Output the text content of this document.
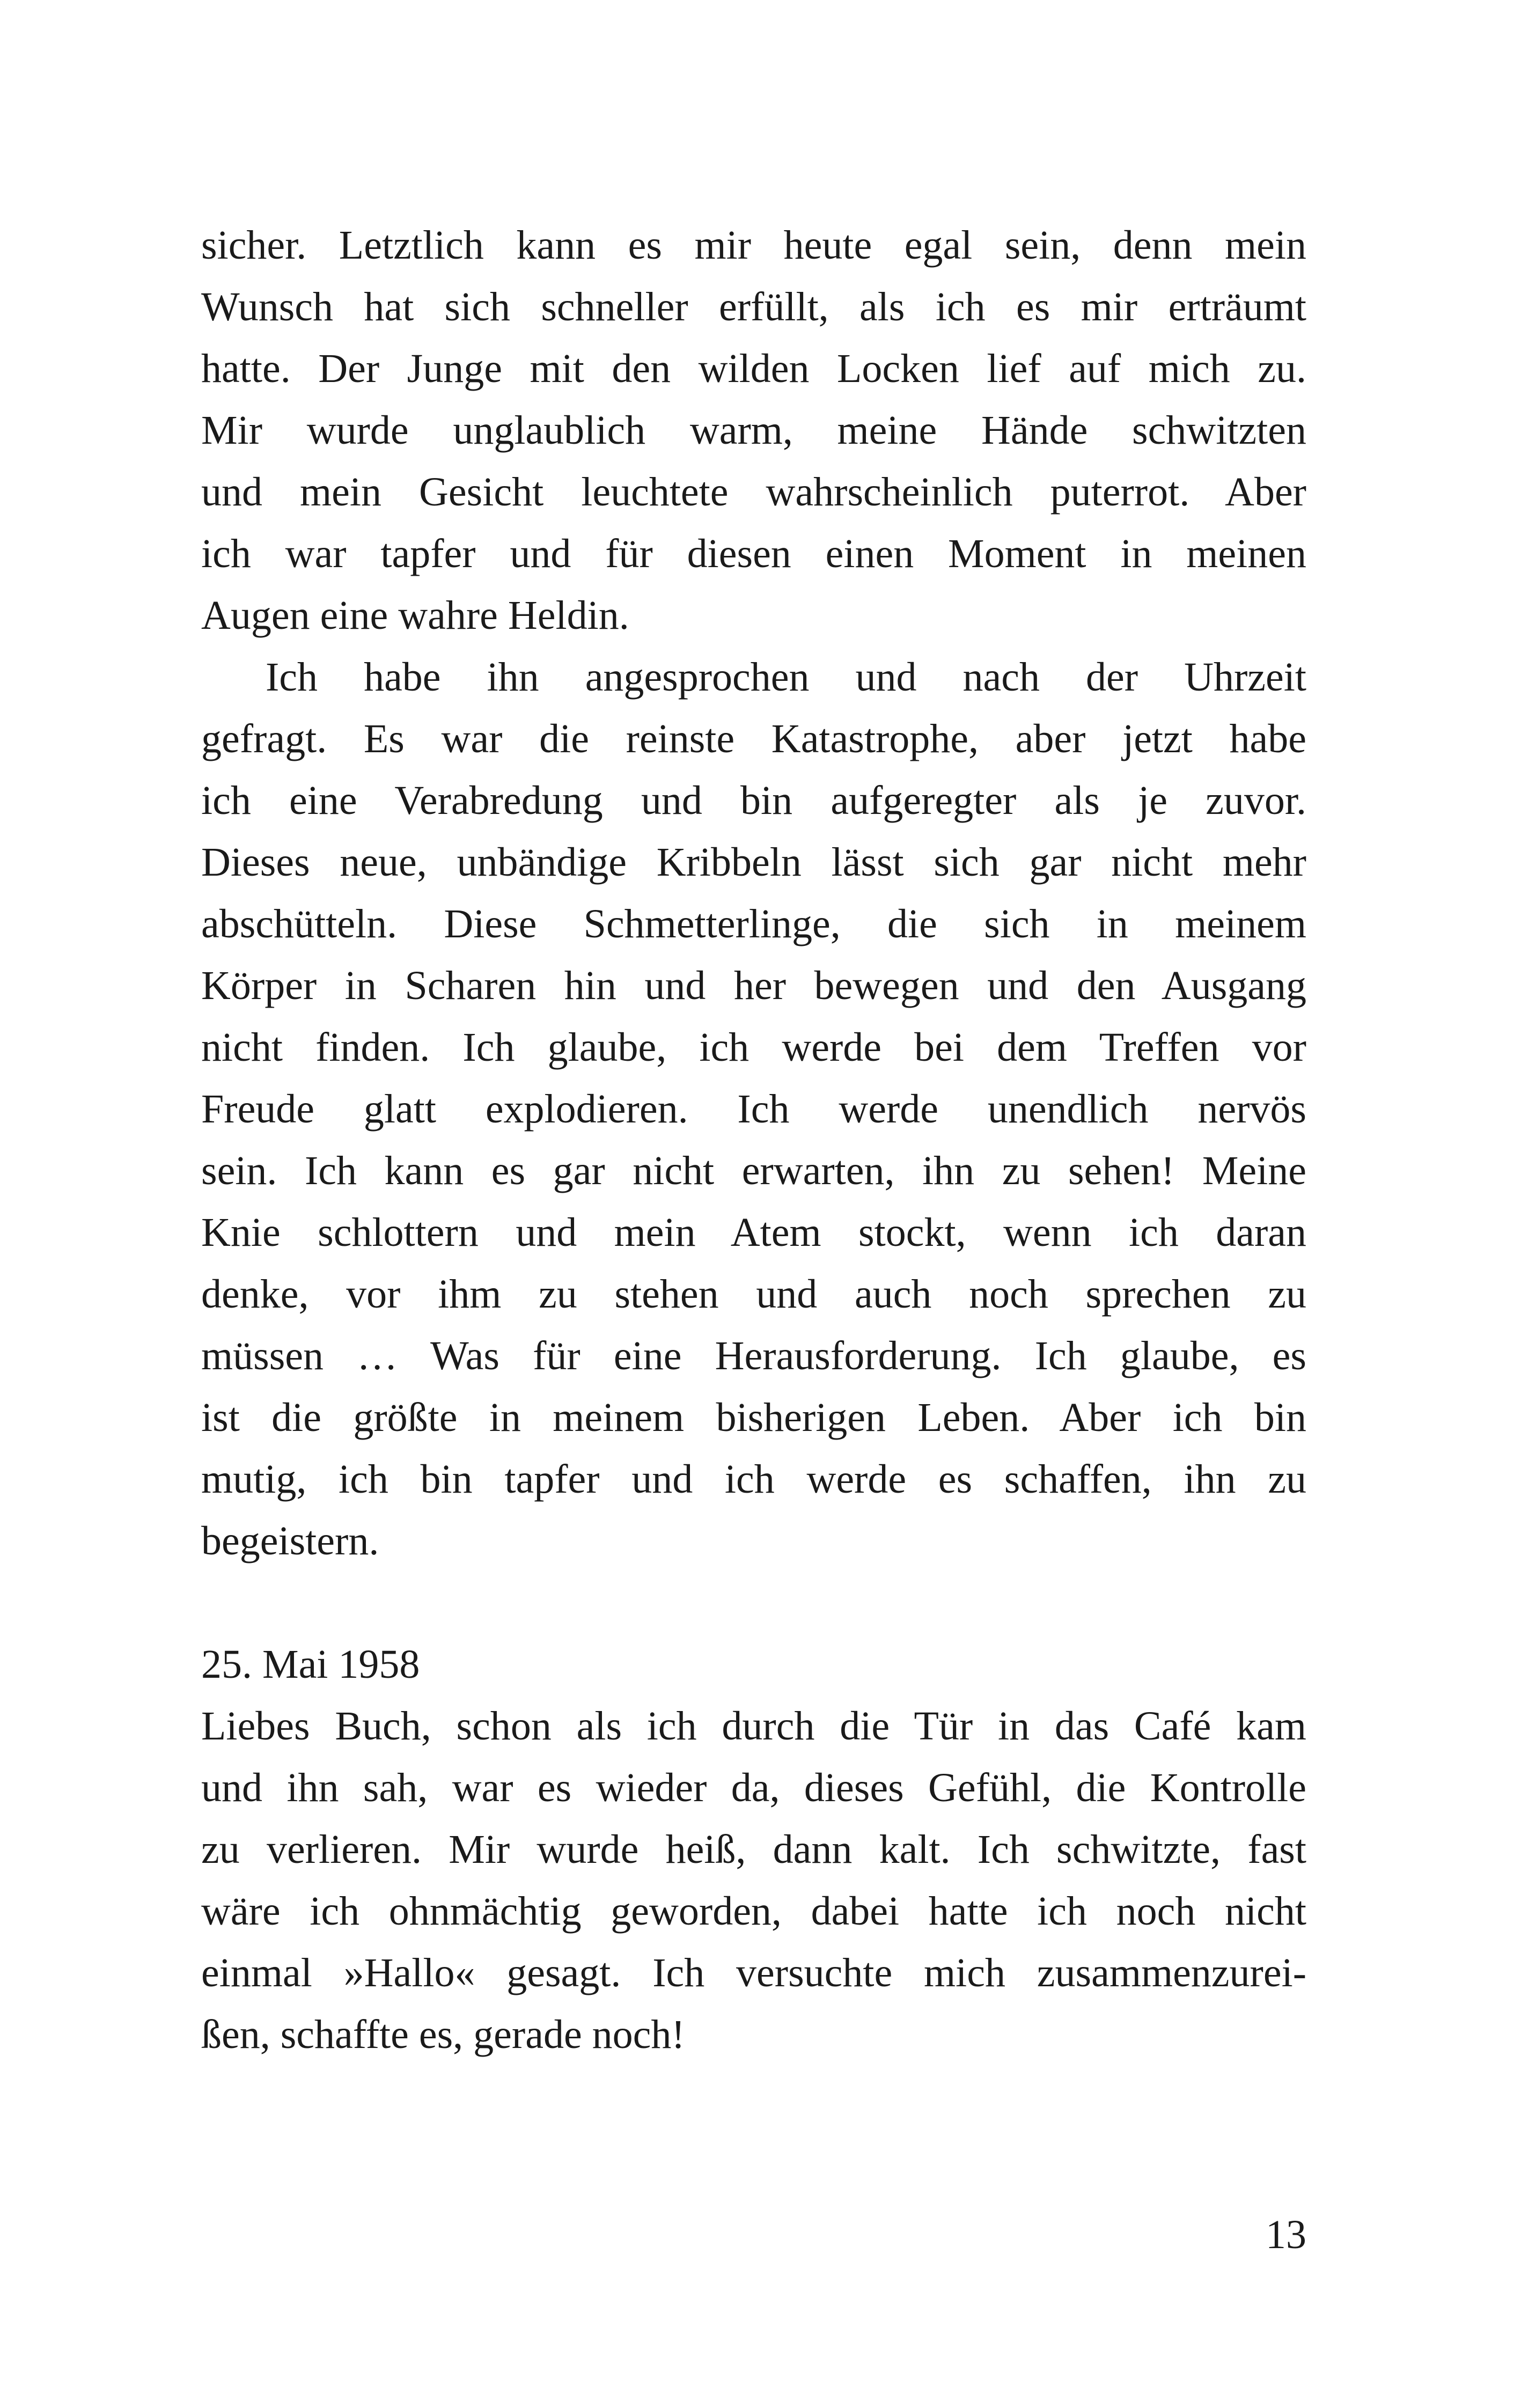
sicher. Letztlich kann es mir heute egal sein, denn mein
Wunsch hat sich schneller erfüllt, als ich es mir erträumt
hatte. Der Junge mit den wilden Locken lief auf mich zu.
Mir wurde unglaublich warm, meine Hände schwitzten
und mein Gesicht leuchtete wahrscheinlich puterrot. Aber
ich war tapfer und für diesen einen Moment in meinen
Augen eine wahre Heldin.
Ich habe ihn angesprochen und nach der Uhrzeit
gefragt. Es war die reinste Katastrophe, aber jetzt habe
ich eine Verabredung und bin aufgeregter als je zuvor.
Dieses neue, unbändige Kribbeln lässt sich gar nicht mehr
abschütteln. Diese Schmetterlinge, die sich in meinem
Körper in Scharen hin und her bewegen und den Ausgang
nicht finden. Ich glaube, ich werde bei dem Treffen vor
Freude glatt explodieren. Ich werde unendlich nervös
sein. Ich kann es gar nicht erwarten, ihn zu sehen! Meine
Knie schlottern und mein Atem stockt, wenn ich daran
denke, vor ihm zu stehen und auch noch sprechen zu
müssen … Was für eine Herausforderung. Ich glaube, es
ist die größte in meinem bisherigen Leben. Aber ich bin
mutig, ich bin tapfer und ich werde es schaffen, ihn zu
begeistern.
25. Mai 1958
Liebes Buch, schon als ich durch die Tür in das Café kam
und ihn sah, war es wieder da, dieses Gefühl, die Kontrolle
zu verlieren. Mir wurde heiß, dann kalt. Ich schwitzte, fast
wäre ich ohnmächtig geworden, dabei hatte ich noch nicht
einmal »Hallo« gesagt. Ich versuchte mich zusammenzurei-
ßen, schaffte es, gerade noch!
13
